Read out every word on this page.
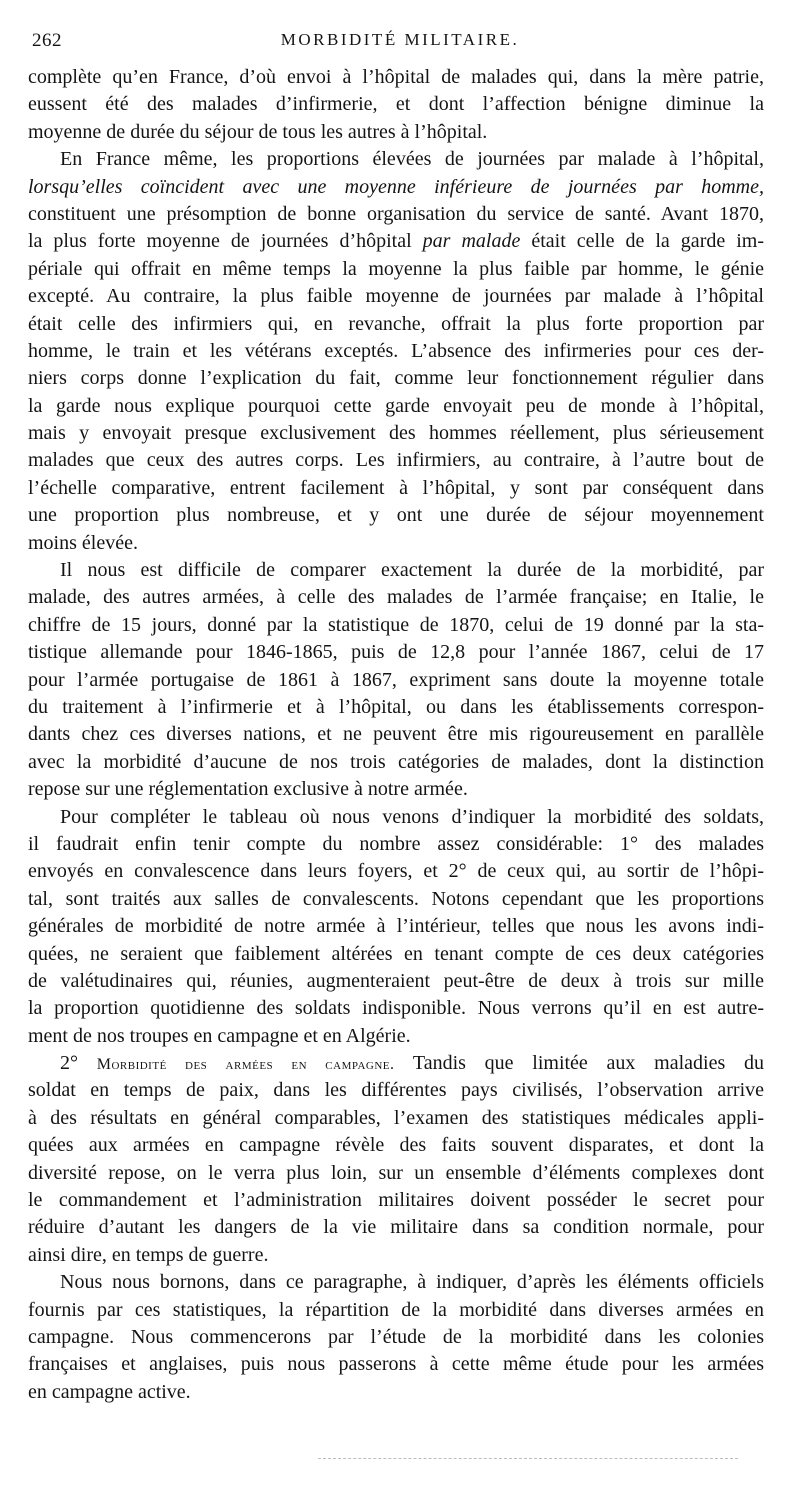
262	MORBIDITÉ MILITAIRE.
complète qu’en France, d’où envoi à l’hôpital de malades qui, dans la mère patrie,
eussent été des malades d’infirmerie, et dont l’affection bénigne diminue la
moyenne de durée du séjour de tous les autres à l’hôpital.
En France même, les proportions élevées de journées par malade à l’hôpital,
lorsqu’elles coïncident avec une moyenne inférieure de journées par homme,
constituent une présomption de bonne organisation du service de santé. Avant 1870,
la plus forte moyenne de journées d’hôpital par malade était celle de la garde im-
périale qui offrait en même temps la moyenne la plus faible par homme, le génie
excepté. Au contraire, la plus faible moyenne de journées par malade à l’hôpital
était celle des infirmiers qui, en revanche, offrait la plus forte proportion par
homme, le train et les vétérans exceptés. L’absence des infirmeries pour ces der-
niers corps donne l’explication du fait, comme leur fonctionnement régulier dans
la garde nous explique pourquoi cette garde envoyait peu de monde à l’hôpital,
mais y envoyait presque exclusivement des hommes réellement, plus sérieusement
malades que ceux des autres corps. Les infirmiers, au contraire, à l’autre bout de
l’échelle comparative, entrent facilement à l’hôpital, y sont par conséquent dans
une proportion plus nombreuse, et y ont une durée de séjour moyennement
moins élevée.
Il nous est difficile de comparer exactement la durée de la morbidité, par
malade, des autres armées, à celle des malades de l’armée française; en Italie, le
chiffre de 15 jours, donné par la statistique de 1870, celui de 19 donné par la sta-
tistique allemande pour 1846-1865, puis de 12,8 pour l’année 1867, celui de 17
pour l’armée portugaise de 1861 à 1867, expriment sans doute la moyenne totale
du traitement à l’infirmerie et à l’hôpital, ou dans les établissements correspon-
dants chez ces diverses nations, et ne peuvent être mis rigoureusement en parallèle
avec la morbidité d’aucune de nos trois catégories de malades, dont la distinction
repose sur une réglementation exclusive à notre armée.
Pour compléter le tableau où nous venons d’indiquer la morbidité des soldats,
il faudrait enfin tenir compte du nombre assez considérable: 1° des malades
envoyés en convalescence dans leurs foyers, et 2° de ceux qui, au sortir de l’hôpi-
tal, sont traités aux salles de convalescents. Notons cependant que les proportions
générales de morbidité de notre armée à l’intérieur, telles que nous les avons indi-
quées, ne seraient que faiblement altérées en tenant compte de ces deux catégories
de valétudinaires qui, réunies, augmenteraient peut-être de deux à trois sur mille
la proportion quotidienne des soldats indisponible. Nous verrons qu’il en est autre-
ment de nos troupes en campagne et en Algérie.
2° Morbidité des armées en campagne. Tandis que limitée aux maladies du
soldat en temps de paix, dans les différentes pays civilisés, l’observation arrive
à des résultats en général comparables, l’examen des statistiques médicales appli-
quées aux armées en campagne révèle des faits souvent disparates, et dont la
diversité repose, on le verra plus loin, sur un ensemble d’éléments complexes dont
le commandement et l’administration militaires doivent posséder le secret pour
réduire d’autant les dangers de la vie militaire dans sa condition normale, pour
ainsi dire, en temps de guerre.
Nous nous bornons, dans ce paragraphe, à indiquer, d’après les éléments officiels
fournis par ces statistiques, la répartition de la morbidité dans diverses armées en
campagne. Nous commencerons par l’étude de la morbidité dans les colonies
françaises et anglaises, puis nous passerons à cette même étude pour les armées
en campagne active.
